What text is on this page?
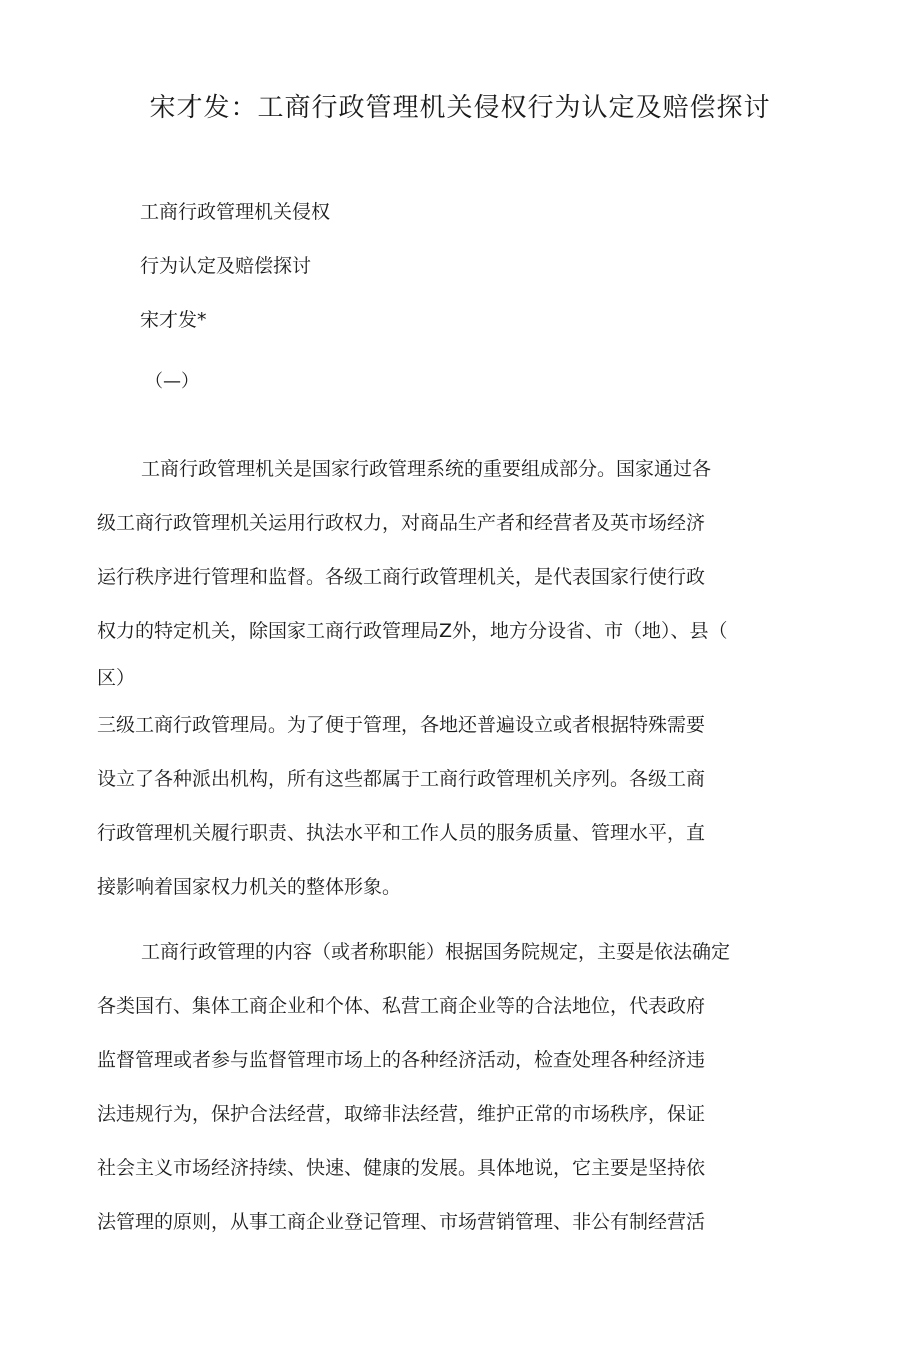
宋才发：工商行政管理机关侵权行为认定及赔偿探讨
工商行政管理机关侵权
行为认定及赔偿探讨
宋才发*
（—）
工商行政管理机关是国家行政管理系统的重要组成部分。国家通过各
级工商行政管理机关运用行政权力，对商品生产者和经营者及英市场经济
运行秩序进行管理和监督。各级工商行政管理机关，是代表国家行使行政
权力的特定机关，除国家工商行政管理局Z外，地方分设省、市（地）、县（
区）
三级工商行政管理局。为了便于管理，各地还普遍设立或者根据特殊需要
设立了各种派出机构，所有这些都属于工商行政管理机关序列。各级工商
行政管理机关履行职责、执法水平和工作人员的服务质量、管理水平，直
接影响着国家权力机关的整体形象。
工商行政管理的内容（或者称职能）根据国务院规定，主耍是依法确定
各类国冇、集体工商企业和个体、私营工商企业等的合法地位，代表政府
监督管理或者参与监督管理市场上的各种经济活动，检查处理各种经济违
法违规行为，保护合法经营，取缔非法经营，维护正常的市场秩序，保证
社会主义市场经济持续、快速、健康的发展。具体地说，它主要是坚持依
法管理的原则，从事工商企业登记管理、市场营销管理、非公有制经营活
